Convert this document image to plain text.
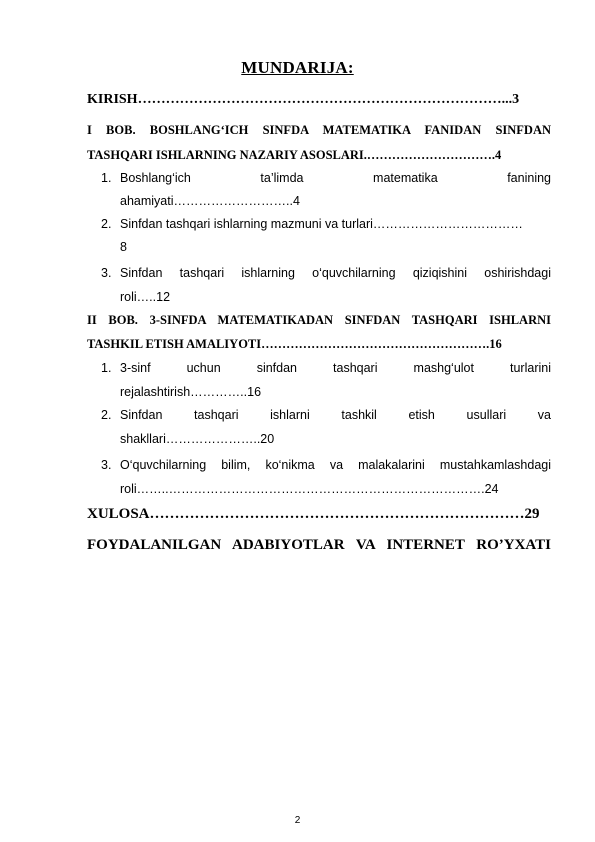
MUNDARIJA:
KIRISH……………………………………………………………………...3
I BOB. BOSHLANG‘ICH SINFDA MATEMATIKA FANIDAN SINFDAN
TASHQARI ISHLARNING NAZARIY ASOSLARI.………………………….4
1. Boshlang‘ich ta’limda matematika fanining
ahamiyati………………………..4
2. Sinfdan tashqari ishlarning mazmuni va turlari………………………………
8
3. Sinfdan tashqari ishlarning o‘quvchilarning qiziqishini oshirishdagi
roli…..12
II BOB. 3-SINFDA MATEMATIKADAN SINFDAN TASHQARI ISHLARNI
TASHKIL ETISH AMALIYOTI……………………………………………….16
1. 3-sinf uchun sinfdan tashqari mashg‘ulot turlarini
rejalashtirish…………..16
2. Sinfdan tashqari ishlarni tashkil etish usullari va
shakllari…………………..20
3. O‘quvchilarning bilim, ko‘nikma va malakalarini mustahkamlashdagi
roli……..………………………………………………………………….24
XULOSA…………………………………………………………………29
FOYDALANILGAN ADABIYOTLAR VA INTERNET RO’YXATI
2
